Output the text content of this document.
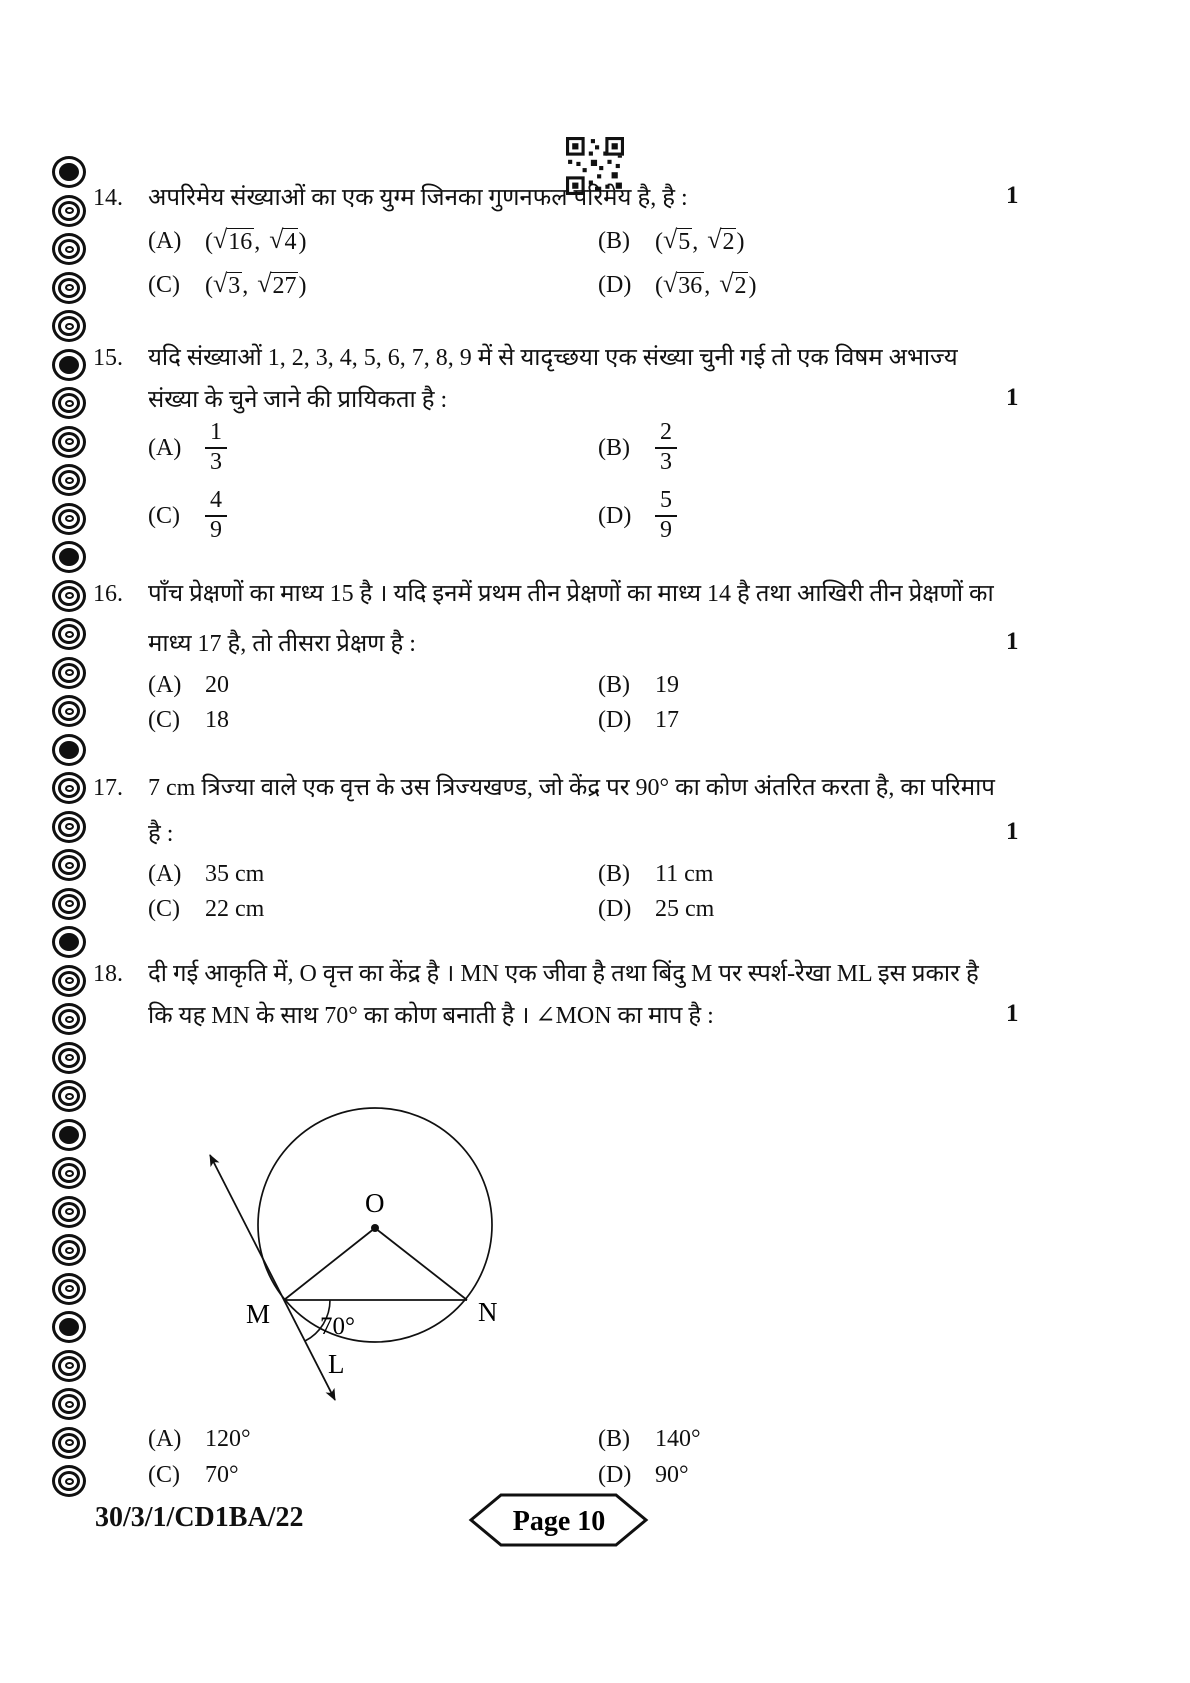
14. अपरिमेय संख्याओं का एक युग्म जिनका गुणनफल परिमेय है, है :	1
(A) (√16, √4)	(B)	(√5, √2)
(C)	(√3, √27)	(D) (√36, √2)
15. यदि संख्याओं 1, 2, 3, 4, 5, 6, 7, 8, 9 में से यादृच्छया एक संख्या चुनी गई तो एक विषम अभाज्य
संख्या के चुने जाने की प्रायिकता है :	1
$(A) \frac{1}{3}$	(B)	$\frac{2}{3}$
(C)	$\frac{4}{9}$	$(D) \frac{5}{9}$
16. पाँच प्रेक्षणों का माध्य 15 है । यदि इनमें प्रथम तीन प्रेक्षणों का माध्य 14 है तथा आखिरी तीन प्रेक्षणों का
माध्य 17 है, तो तीसरा प्रेक्षण है :	1
(A) 20	(B)	19
(C)	18	(D) 17
17. 7 cm त्रिज्या वाले एक वृत्त के उस त्रिज्यखण्ड, जो केंद्र पर 90° का कोण अंतरित करता है, का परिमाप
है :	1
(A) 35 cm	(B)	11 cm
(C)	22 cm	(D) 25 cm
18. दी गई आकृति में, O वृत्त का केंद्र है । MN एक जीवा है तथा बिंदु M पर स्पर्श-रेखा ML इस प्रकार है
कि यह MN के साथ 70° का कोण बनाती है । ∠MON का माप है :	1
O
M	N
L
70°
(A) 120°	(B)	140°
(C)	70°	(D) 90°
30/3/1/CD1BA/22	Page 10
